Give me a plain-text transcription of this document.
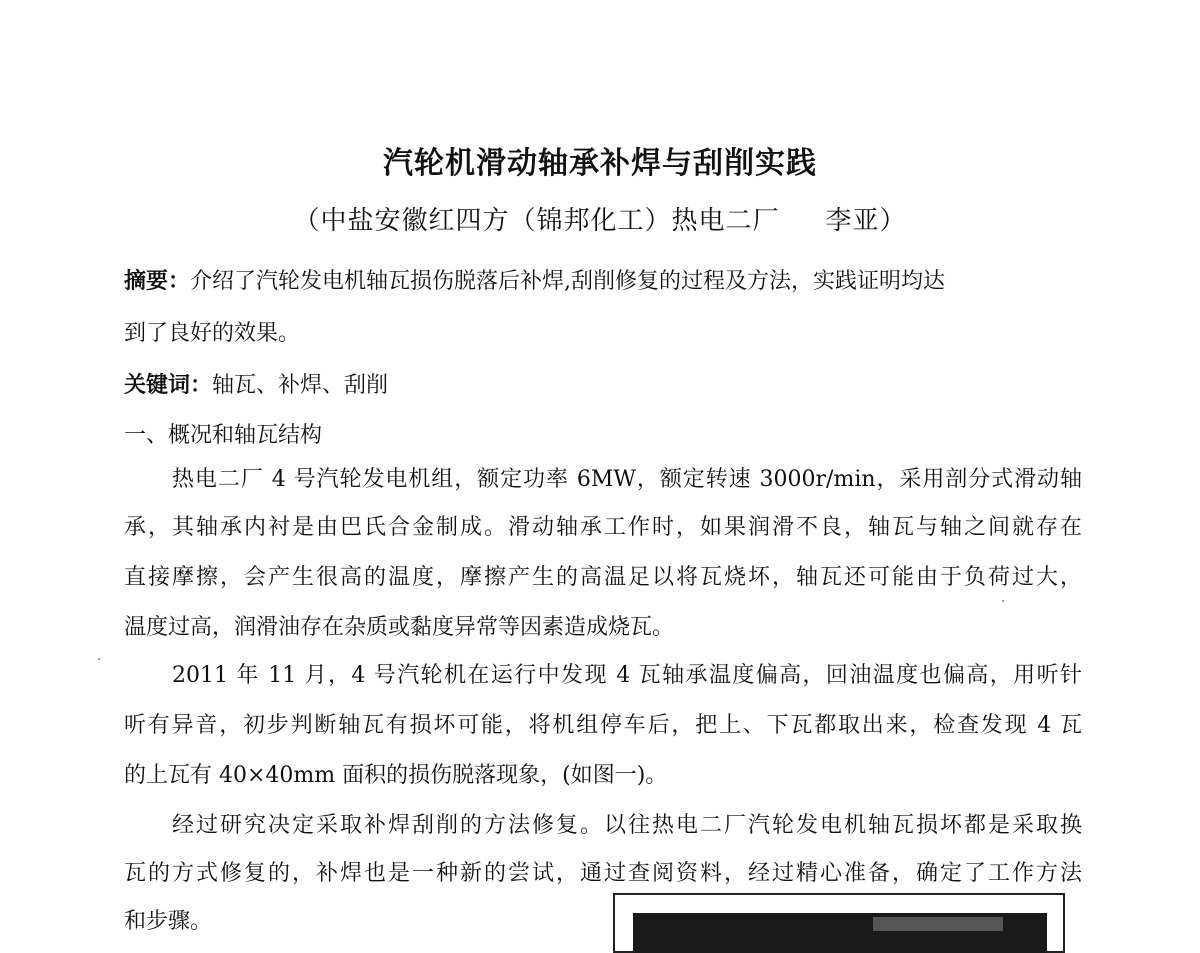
汽轮机滑动轴承补焊与刮削实践
（中盐安徽红四方（锦邦化工）热电二厂 李亚）
摘要：介绍了汽轮发电机轴瓦损伤脱落后补焊,刮削修复的过程及方法，实践证明均达
到了良好的效果。
关键词：轴瓦、补焊、刮削
一、概况和轴瓦结构
热电二厂 4 号汽轮发电机组，额定功率 6MW，额定转速 3000r/min，采用剖分式滑动轴
承，其轴承内衬是由巴氏合金制成。滑动轴承工作时，如果润滑不良，轴瓦与轴之间就存在
直接摩擦，会产生很高的温度，摩擦产生的高温足以将瓦烧坏，轴瓦还可能由于负荷过大，
温度过高，润滑油存在杂质或黏度异常等因素造成烧瓦。
2011 年 11 月，4 号汽轮机在运行中发现 4 瓦轴承温度偏高，回油温度也偏高，用听针
听有异音，初步判断轴瓦有损坏可能，将机组停车后，把上、下瓦都取出来，检查发现 4 瓦
的上瓦有 40×40mm 面积的损伤脱落现象，(如图一)。
经过研究决定采取补焊刮削的方法修复。以往热电二厂汽轮发电机轴瓦损坏都是采取换
瓦的方式修复的，补焊也是一种新的尝试，通过查阅资料，经过精心准备，确定了工作方法
和步骤。
